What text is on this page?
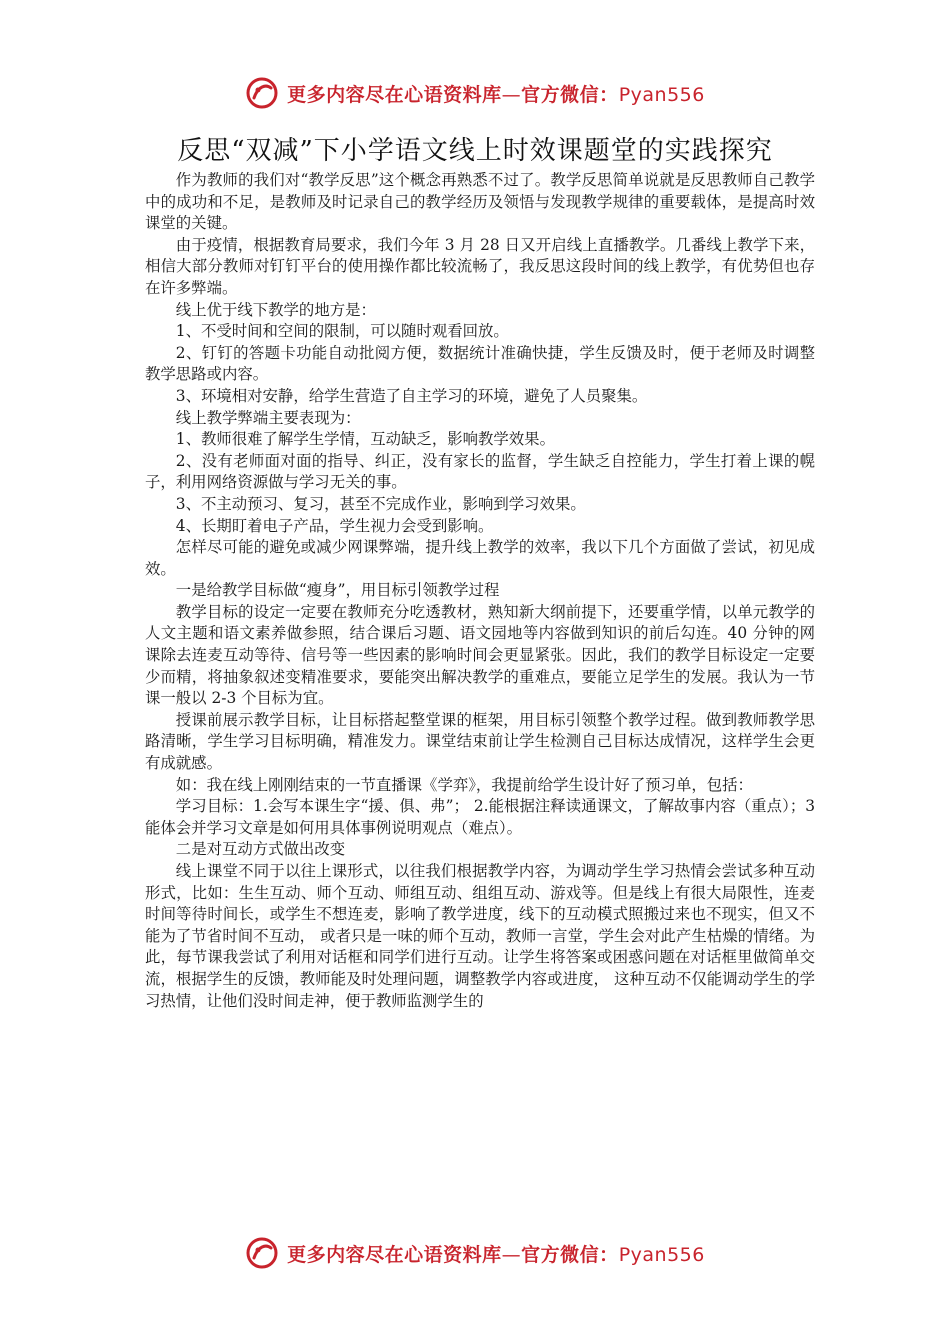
更多内容尽在心语资料库—官方微信：Pyan556
反思“双减”下小学语文线上时效课题堂的实践探究

作为教师的我们对“教学反思”这个概念再熟悉不过了。教学反思简单说就是反思教师自己教学中的成功和不足，是教师及时记录自己的教学经历及领悟与发现教学规律的重要载体，是提高时效课堂的关键。

由于疫情，根据教育局要求，我们今年 3 月 28 日又开启线上直播教学。几番线上教学下来，相信大部分教师对钉钉平台的使用操作都比较流畅了，我反思这段时间的线上教学，有优势但也存在许多弊端。

线上优于线下教学的地方是：

1、不受时间和空间的限制，可以随时观看回放。

2、钉钉的答题卡功能自动批阅方便，数据统计准确快捷，学生反馈及时，便于老师及时调整教学思路或内容。

3、环境相对安静，给学生营造了自主学习的环境，避免了人员聚集。

线上教学弊端主要表现为：

1、教师很难了解学生学情，互动缺乏，影响教学效果。

2、没有老师面对面的指导、纠正，没有家长的监督，学生缺乏自控能力，学生打着上课的幌子，利用网络资源做与学习无关的事。

3、不主动预习、复习，甚至不完成作业，影响到学习效果。

4、长期盯着电子产品，学生视力会受到影响。

怎样尽可能的避免或减少网课弊端，提升线上教学的效率，我以下几个方面做了尝试，初见成效。

一是给教学目标做“瘦身”，用目标引领教学过程

教学目标的设定一定要在教师充分吃透教材，熟知新大纲前提下，还要重学情，以单元教学的人文主题和语文素养做参照，结合课后习题、语文园地等内容做到知识的前后勾连。40 分钟的网课除去连麦互动等待、信号等一些因素的影响时间会更显紧张。因此，我们的教学目标设定一定要少而精，将抽象叙述变精准要求，要能突出解决教学的重难点，要能立足学生的发展。我认为一节课一般以 2-3 个目标为宜。

授课前展示教学目标，让目标搭起整堂课的框架，用目标引领整个教学过程。做到教师教学思路清晰，学生学习目标明确，精准发力。课堂结束前让学生检测自己目标达成情况，这样学生会更有成就感。

如：我在线上刚刚结束的一节直播课《学弈》，我提前给学生设计好了预习单，包括：

学习目标：1.会写本课生字“援、俱、弗”； 2.能根据注释读通课文，了解故事内容（重点）；3 能体会并学习文章是如何用具体事例说明观点（难点）。

二是对互动方式做出改变

线上课堂不同于以往上课形式，以往我们根据教学内容，为调动学生学习热情会尝试多种互动形式，比如：生生互动、师个互动、师组互动、组组互动、游戏等。但是线上有很大局限性，连麦时间等待时间长，或学生不想连麦，影响了教学进度，线下的互动模式照搬过来也不现实，但又不能为了节省时间不互动， 或者只是一味的师个互动，教师一言堂，学生会对此产生枯燥的情绪。为此，每节课我尝试了利用对话框和同学们进行互动。让学生将答案或困惑问题在对话框里做简单交流，根据学生的反馈，教师能及时处理问题，调整教学内容或进度， 这种互动不仅能调动学生的学习热情，让他们没时间走神，便于教师监测学生的

更多内容尽在心语资料库—官方微信：Pyan556
